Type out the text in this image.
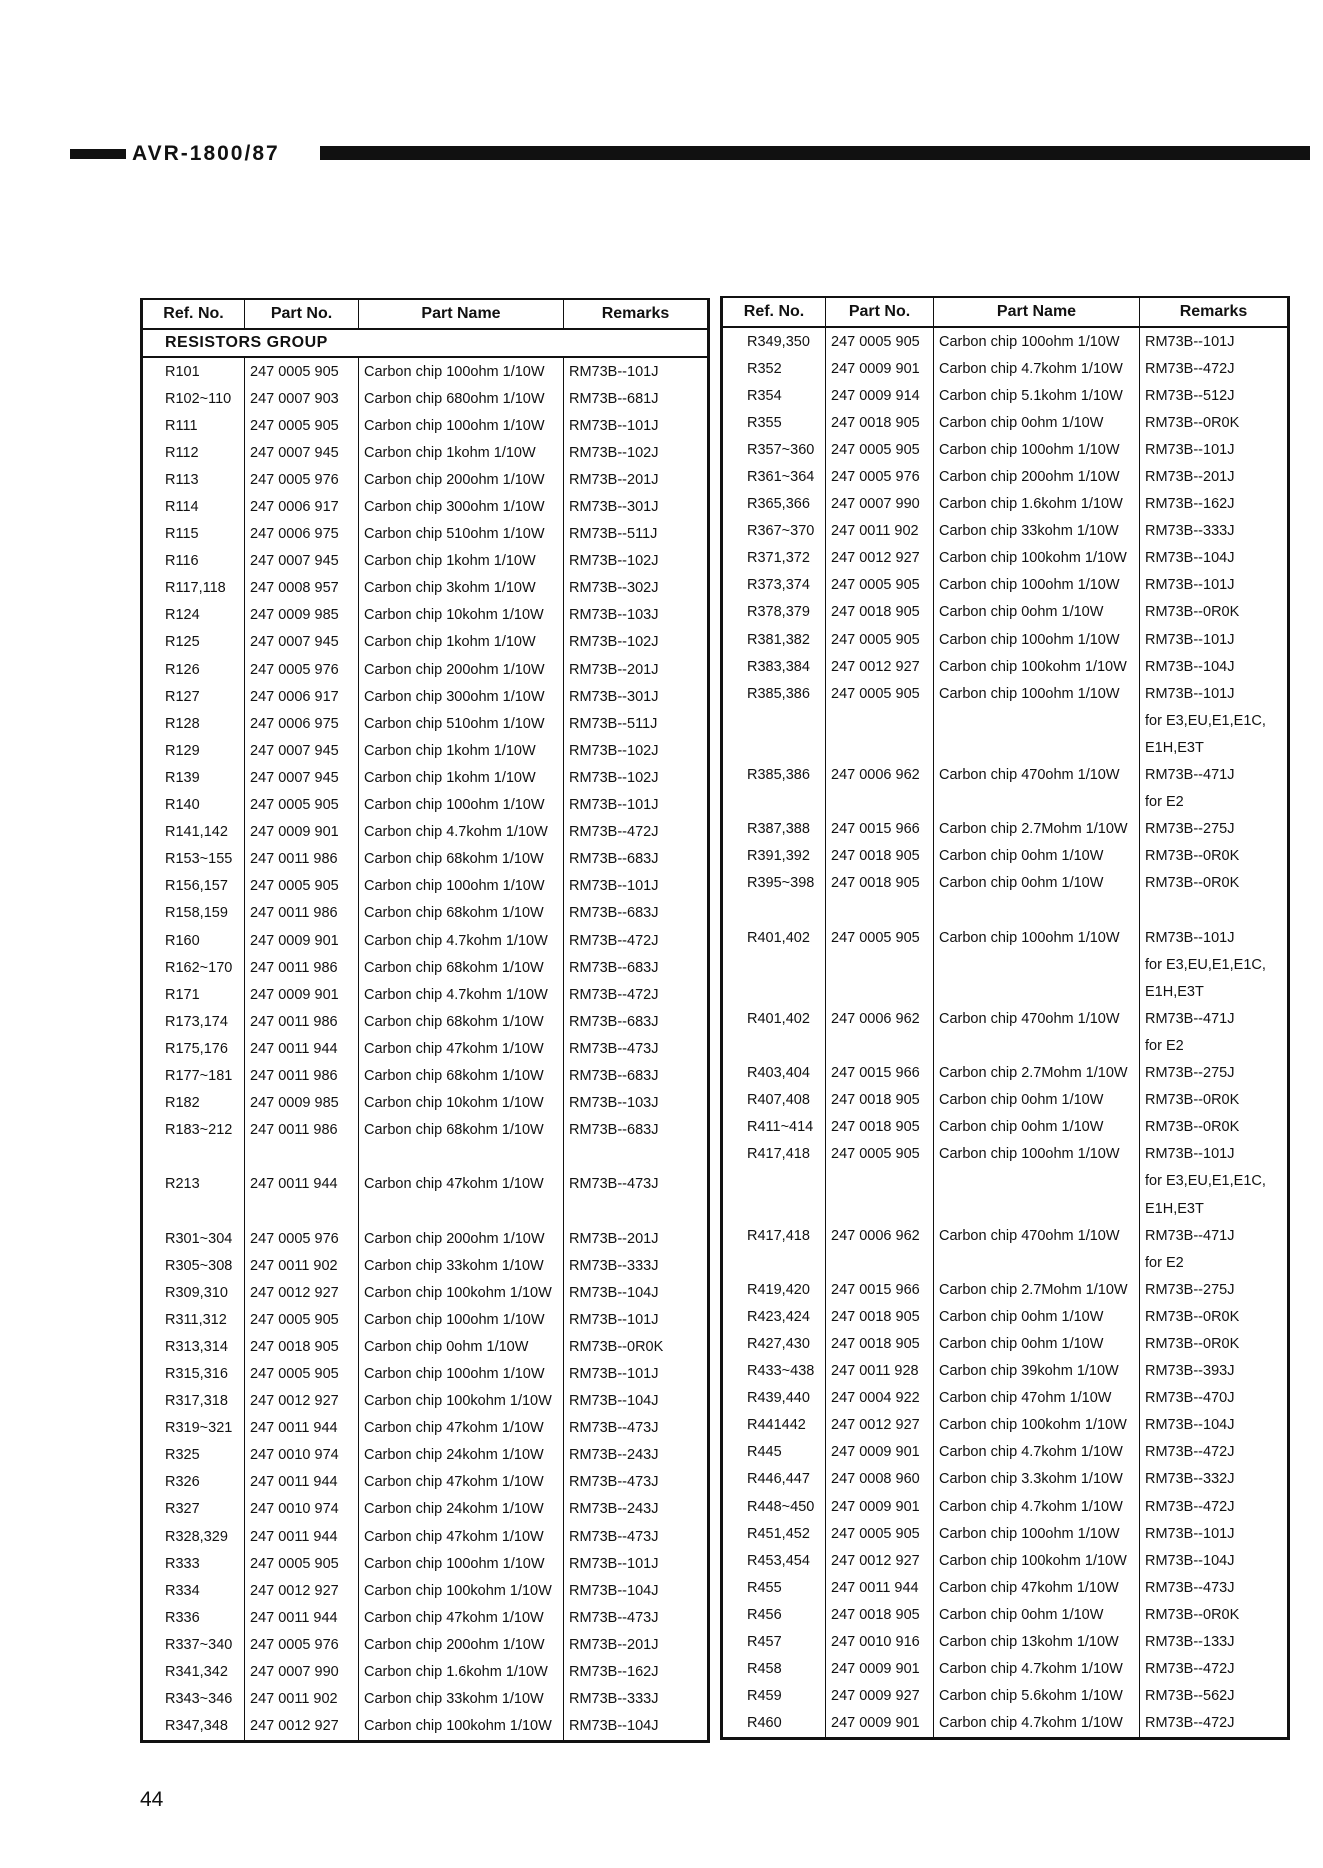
AVR-1800/87
Ref. No.	Part No.	Part Name	Remarks
RESISTORS GROUP			
R101	247 0005 905	Carbon chip 100ohm 1/10W	RM73B--101J
R102~110	247 0007 903	Carbon chip 680ohm 1/10W	RM73B--681J
R111	247 0005 905	Carbon chip 100ohm 1/10W	RM73B--101J
R112	247 0007 945	Carbon chip 1kohm 1/10W	RM73B--102J
R113	247 0005 976	Carbon chip 200ohm 1/10W	RM73B--201J
R114	247 0006 917	Carbon chip 300ohm 1/10W	RM73B--301J
R115	247 0006 975	Carbon chip 510ohm 1/10W	RM73B--511J
R116	247 0007 945	Carbon chip 1kohm 1/10W	RM73B--102J
R117,118	247 0008 957	Carbon chip 3kohm 1/10W	RM73B--302J
R124	247 0009 985	Carbon chip 10kohm 1/10W	RM73B--103J
R125	247 0007 945	Carbon chip 1kohm 1/10W	RM73B--102J
R126	247 0005 976	Carbon chip 200ohm 1/10W	RM73B--201J
R127	247 0006 917	Carbon chip 300ohm 1/10W	RM73B--301J
R128	247 0006 975	Carbon chip 510ohm 1/10W	RM73B--511J
R129	247 0007 945	Carbon chip 1kohm 1/10W	RM73B--102J
R139	247 0007 945	Carbon chip 1kohm 1/10W	RM73B--102J
R140	247 0005 905	Carbon chip 100ohm 1/10W	RM73B--101J
R141,142	247 0009 901	Carbon chip 4.7kohm 1/10W	RM73B--472J
R153~155	247 0011 986	Carbon chip 68kohm 1/10W	RM73B--683J
R156,157	247 0005 905	Carbon chip 100ohm 1/10W	RM73B--101J
R158,159	247 0011 986	Carbon chip 68kohm 1/10W	RM73B--683J
R160	247 0009 901	Carbon chip 4.7kohm 1/10W	RM73B--472J
R162~170	247 0011 986	Carbon chip 68kohm 1/10W	RM73B--683J
R171	247 0009 901	Carbon chip 4.7kohm 1/10W	RM73B--472J
R173,174	247 0011 986	Carbon chip 68kohm 1/10W	RM73B--683J
R175,176	247 0011 944	Carbon chip 47kohm 1/10W	RM73B--473J
R177~181	247 0011 986	Carbon chip 68kohm 1/10W	RM73B--683J
R182	247 0009 985	Carbon chip 10kohm 1/10W	RM73B--103J
R183~212	247 0011 986	Carbon chip 68kohm 1/10W	RM73B--683J

R213	247 0011 944	Carbon chip 47kohm 1/10W	RM73B--473J

R301~304	247 0005 976	Carbon chip 200ohm 1/10W	RM73B--201J
R305~308	247 0011 902	Carbon chip 33kohm 1/10W	RM73B--333J
R309,310	247 0012 927	Carbon chip 100kohm 1/10W	RM73B--104J
R311,312	247 0005 905	Carbon chip 100ohm 1/10W	RM73B--101J
R313,314	247 0018 905	Carbon chip 0ohm 1/10W	RM73B--0R0K
R315,316	247 0005 905	Carbon chip 100ohm 1/10W	RM73B--101J
R317,318	247 0012 927	Carbon chip 100kohm 1/10W	RM73B--104J
R319~321	247 0011 944	Carbon chip 47kohm 1/10W	RM73B--473J
R325	247 0010 974	Carbon chip 24kohm 1/10W	RM73B--243J
R326	247 0011 944	Carbon chip 47kohm 1/10W	RM73B--473J
R327	247 0010 974	Carbon chip 24kohm 1/10W	RM73B--243J
R328,329	247 0011 944	Carbon chip 47kohm 1/10W	RM73B--473J
R333	247 0005 905	Carbon chip 100ohm 1/10W	RM73B--101J
R334	247 0012 927	Carbon chip 100kohm 1/10W	RM73B--104J
R336	247 0011 944	Carbon chip 47kohm 1/10W	RM73B--473J
R337~340	247 0005 976	Carbon chip 200ohm 1/10W	RM73B--201J
R341,342	247 0007 990	Carbon chip 1.6kohm 1/10W	RM73B--162J
R343~346	247 0011 902	Carbon chip 33kohm 1/10W	RM73B--333J
R347,348	247 0012 927	Carbon chip 100kohm 1/10W	RM73B--104J
Ref. No.	Part No.	Part Name	Remarks
R349,350	247 0005 905	Carbon chip 100ohm 1/10W	RM73B--101J
R352	247 0009 901	Carbon chip 4.7kohm 1/10W	RM73B--472J
R354	247 0009 914	Carbon chip 5.1kohm 1/10W	RM73B--512J
R355	247 0018 905	Carbon chip 0ohm 1/10W	RM73B--0R0K
R357~360	247 0005 905	Carbon chip 100ohm 1/10W	RM73B--101J
R361~364	247 0005 976	Carbon chip 200ohm 1/10W	RM73B--201J
R365,366	247 0007 990	Carbon chip 1.6kohm 1/10W	RM73B--162J
R367~370	247 0011 902	Carbon chip 33kohm 1/10W	RM73B--333J
R371,372	247 0012 927	Carbon chip 100kohm 1/10W	RM73B--104J
R373,374	247 0005 905	Carbon chip 100ohm 1/10W	RM73B--101J
R378,379	247 0018 905	Carbon chip 0ohm 1/10W	RM73B--0R0K
R381,382	247 0005 905	Carbon chip 100ohm 1/10W	RM73B--101J
R383,384	247 0012 927	Carbon chip 100kohm 1/10W	RM73B--104J
R385,386	247 0005 905	Carbon chip 100ohm 1/10W	RM73B--101J
			for E3,EU,E1,E1C,
			E1H,E3T
R385,386	247 0006 962	Carbon chip 470ohm 1/10W	RM73B--471J
			for E2
R387,388	247 0015 966	Carbon chip 2.7Mohm 1/10W	RM73B--275J
R391,392	247 0018 905	Carbon chip 0ohm 1/10W	RM73B--0R0K
R395~398	247 0018 905	Carbon chip 0ohm 1/10W	RM73B--0R0K

R401,402	247 0005 905	Carbon chip 100ohm 1/10W	RM73B--101J
			for E3,EU,E1,E1C,
			E1H,E3T
R401,402	247 0006 962	Carbon chip 470ohm 1/10W	RM73B--471J
			for E2
R403,404	247 0015 966	Carbon chip 2.7Mohm 1/10W	RM73B--275J
R407,408	247 0018 905	Carbon chip 0ohm 1/10W	RM73B--0R0K
R411~414	247 0018 905	Carbon chip 0ohm 1/10W	RM73B--0R0K
R417,418	247 0005 905	Carbon chip 100ohm 1/10W	RM73B--101J
			for E3,EU,E1,E1C,
			E1H,E3T
R417,418	247 0006 962	Carbon chip 470ohm 1/10W	RM73B--471J
			for E2
R419,420	247 0015 966	Carbon chip 2.7Mohm 1/10W	RM73B--275J
R423,424	247 0018 905	Carbon chip 0ohm 1/10W	RM73B--0R0K
R427,430	247 0018 905	Carbon chip 0ohm 1/10W	RM73B--0R0K
R433~438	247 0011 928	Carbon chip 39kohm 1/10W	RM73B--393J
R439,440	247 0004 922	Carbon chip 47ohm 1/10W	RM73B--470J
R441442	247 0012 927	Carbon chip 100kohm 1/10W	RM73B--104J
R445	247 0009 901	Carbon chip 4.7kohm 1/10W	RM73B--472J
R446,447	247 0008 960	Carbon chip 3.3kohm 1/10W	RM73B--332J
R448~450	247 0009 901	Carbon chip 4.7kohm 1/10W	RM73B--472J
R451,452	247 0005 905	Carbon chip 100ohm 1/10W	RM73B--101J
R453,454	247 0012 927	Carbon chip 100kohm 1/10W	RM73B--104J
R455	247 0011 944	Carbon chip 47kohm 1/10W	RM73B--473J
R456	247 0018 905	Carbon chip 0ohm 1/10W	RM73B--0R0K
R457	247 0010 916	Carbon chip 13kohm 1/10W	RM73B--133J
R458	247 0009 901	Carbon chip 4.7kohm 1/10W	RM73B--472J
R459	247 0009 927	Carbon chip 5.6kohm 1/10W	RM73B--562J
R460	247 0009 901	Carbon chip 4.7kohm 1/10W	RM73B--472J
44
